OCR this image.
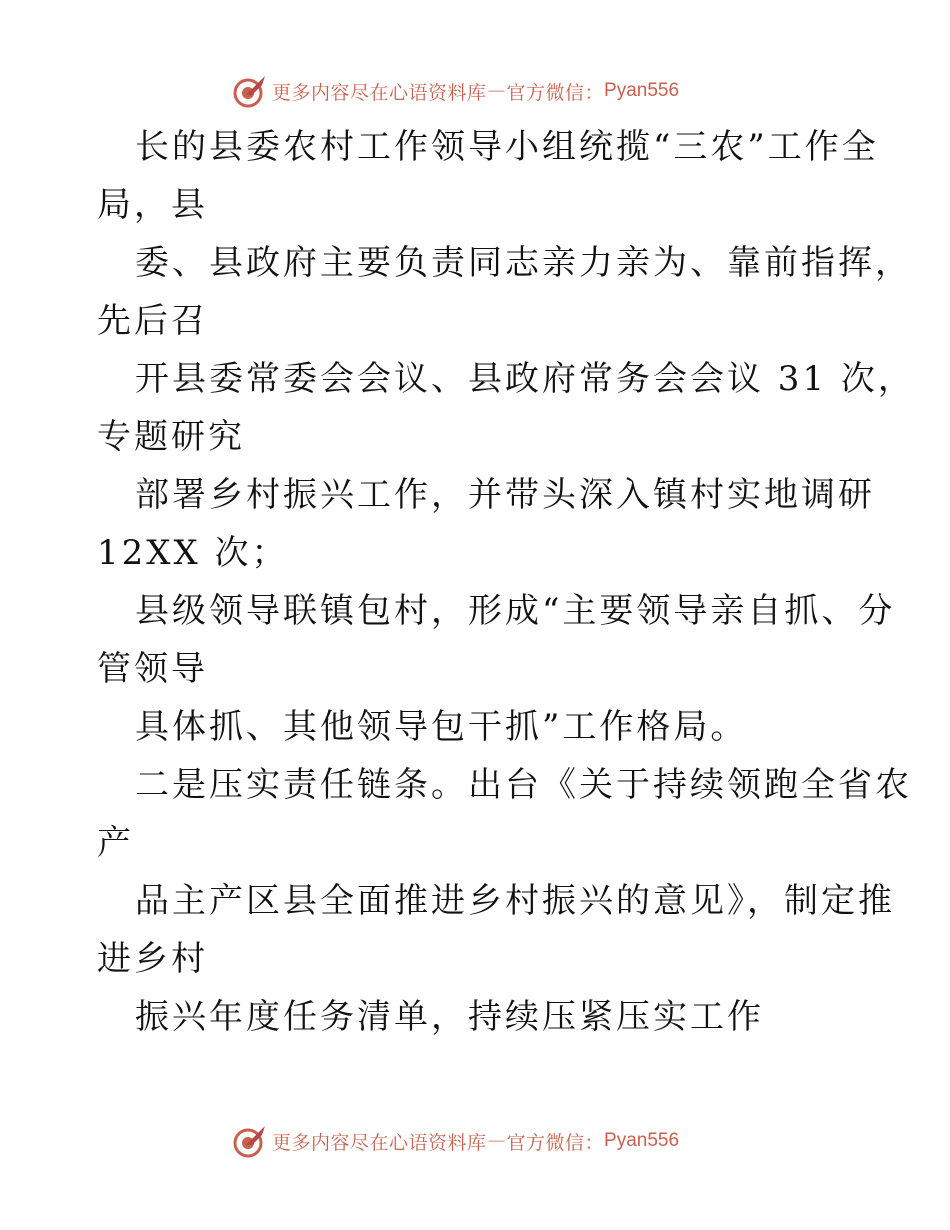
更多内容尽在心语资料库 — 官方微信： Pyan556
长的县委农村工作领导小组统揽“三农”工作全
局，县
委、县政府主要负责同志亲力亲为、靠前指挥，
先后召
开县委常委会会议、县政府常务会会议 31 次，
专题研究
部署乡村振兴工作，并带头深入镇村实地调研
12XX 次；
县级领导联镇包村，形成“主要领导亲自抓、分
管领导
具体抓、其他领导包干抓”工作格局。
二是压实责任链条。出台《关于持续领跑全省农
产
品主产区县全面推进乡村振兴的意见》，制定推
进乡村
振兴年度任务清单，持续压紧压实工作
更多内容尽在心语资料库 — 官方微信： Pyan556
